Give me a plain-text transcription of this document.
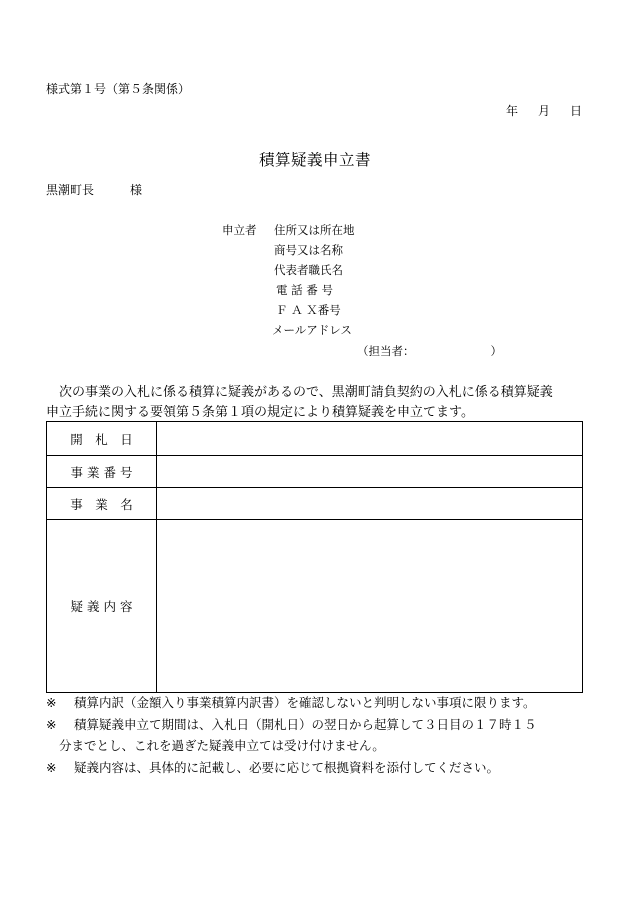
様式第１号（第５条関係）
年 月 日
積算疑義申立書
黒潮町長	様
申立者 住所又は所在地
商号又は名称
代表者職氏名
電 話 番 号
Ｆ Ａ Ｘ番号
メールアドレス
（担当者：	）
次の事業の入札に係る積算に疑義があるので、黒潮町請負契約の入札に係る積算疑義
申立手続に関する要領第５条第１項の規定により積算疑義を申立てます。
開　札　日	
事 業 番 号	
事　業　名	
疑 義 内 容	
※ 積算内訳（金額入り事業積算内訳書）を確認しないと判明しない事項に限ります。
※ 積算疑義申立て期間は、入札日（開札日）の翌日から起算して３日目の１７時１５
分までとし、これを過ぎた疑義申立ては受け付けません。
※ 疑義内容は、具体的に記載し、必要に応じて根拠資料を添付してください。
